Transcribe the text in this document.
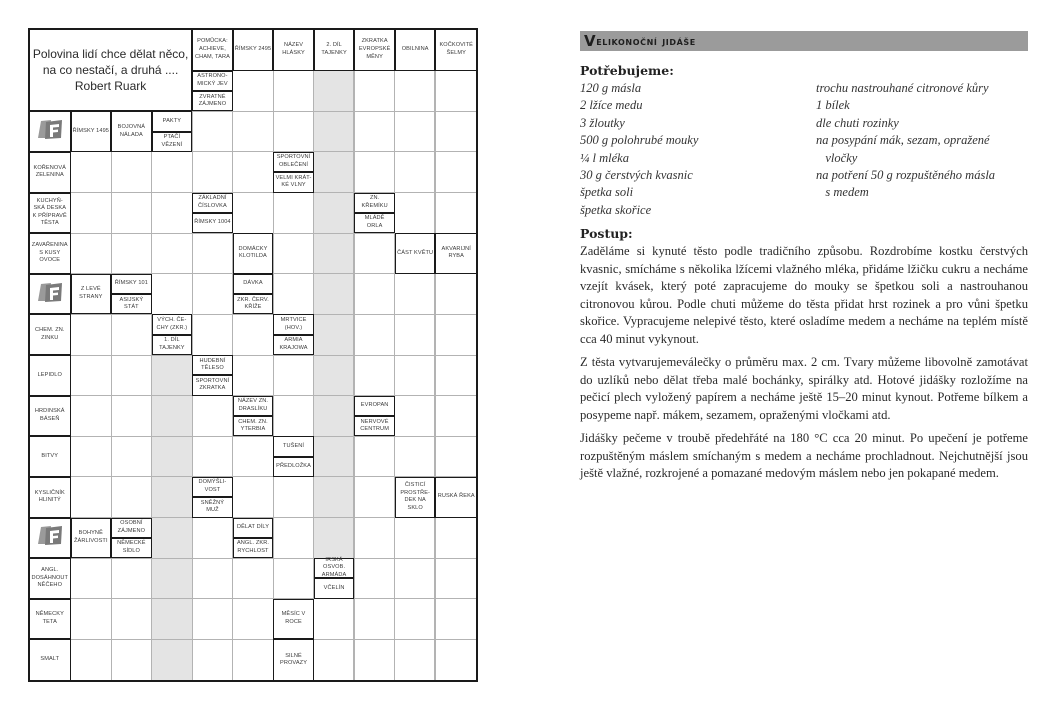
Polovina lidí chce dělat něco,
na co nestačí, a druhá ....
Robert Ruark
POMŮCKA: ACHIEVE, CHAM, TARA
ŘÍMSKY 2495
NÁZEV HLÁSKY
2. DÍL TAJENKY
ZKRATKA EVROPSKÉ MĚNY
OBILNINA
KOČKOVITÉ ŠELMY
ASTRONO-MICKÝ JEV
ZVRATNÉ ZÁJMENO
ŘÍMSKY 1495
BOJOVNÁ NÁLADA
PAKTY
PTAČÍ VĚZENÍ
KOŘENOVÁ ZELENINA
SPORTOVNÍ OBLEČENÍ
VELMI KRÁT-KÉ VLNY
KUCHYŇ-SKÁ DESKA K PŘÍPRAVĚ TĚSTA
ZÁKLADNÍ ČÍSLOVKA
ŘÍMSKY 1004
ZN. KŘEMÍKU
MLÁDĚ ORLA
ZAVAŘENINA S KUSY OVOCE
DOMÁCKY KLOTILDA
ČÁST KVĚTU
AKVARIJNÍ RYBA
Z LEVÉ STRANY
ŘÍMSKY 101
ASIJSKÝ STÁT
DÁVKA
ZKR. ČERV. KŘÍŽE
CHEM. ZN. ZINKU
VÝCH. ČE-CHY (ZKR.)
1. DÍL TAJENKY
MRTVICE (HOV.)
ARMIA KRAJOWA
LEPIDLO
HUDEBNÍ TĚLESO
SPORTOVNÍ ZKRATKA
HRDINSKÁ BÁSEŇ
NÁZEV ZN. DRASLÍKU
CHEM. ZN. YTERBIA
EVROPAN
NERVOVÉ CENTRUM
BITVY
TUŠENÍ
PŘEDLOŽKA
KYSLIČNÍK HLINITÝ
DOMÝŠLI-VOST
SNĚŽNÝ MUŽ
ČISTICÍ PROSTŘE-DEK NA SKLO
RUSKÁ ŘEKA
BOHYNĚ ŽÁRLIVOSTI
OSOBNÍ ZÁJMENO
NĚMECKÉ SÍDLO
DĚLAT DÍLY
ANGL. ZKR. RYCHLOST
ANGL. DOSÁHNOUT NĚČEHO
IRSKÁ OSVOB. ARMÁDA
VČELÍN
NĚMECKY TETA
MĚSÍC V ROCE
SMALT
SILNÉ PROVAZY
V elikonoční jidáše
Potřebujeme:
120 g másla
2 lžíce medu
3 žloutky
500 g polohrubé mouky
¼ l mléka
30 g čerstvých kvasnic
špetka soli
špetka skořice
trochu nastrouhané citronové kůry
1 bílek
dle chuti rozinky
na posypání mák, sezam, opražené
vločky
na potření 50 g rozpuštěného másla
s medem
Postup:

Zaděláme si kynuté těsto podle tradičního způsobu. Rozdrobíme kostku čerstvých kvasnic, smícháme s několika lžícemi vlažného mléka, přidáme lžičku cukru a necháme vzejít kvásek, který poté zapracujeme do mouky se špetkou soli a nastrouhanou citronovou kůrou. Podle chuti můžeme do těsta přidat hrst rozinek a pro vůni špetku skořice. Vypracujeme nelepivé těsto, které osladíme medem a necháme na teplém místě cca 40 minut vykynout.

Z těsta vytvarujemeválečky o průměru max. 2 cm. Tvary můžeme libovolně zamotávat do uzlíků nebo dělat třeba malé bochánky, spirálky atd. Hotové jidášky rozložíme na pečicí plech vyložený papírem a necháme ještě 15–20 minut kynout. Potřeme bílkem a posypeme např. mákem, sezamem, opraženými vločkami atd.

Jidášky pečeme v troubě předehřáté na 180 °C cca 20 minut. Po upečení je potřeme rozpuštěným máslem smíchaným s medem a necháme prochladnout. Nejchutnější jsou ještě vlažné, rozkrojené a pomazané medovým máslem nebo jen pokapané medem.
